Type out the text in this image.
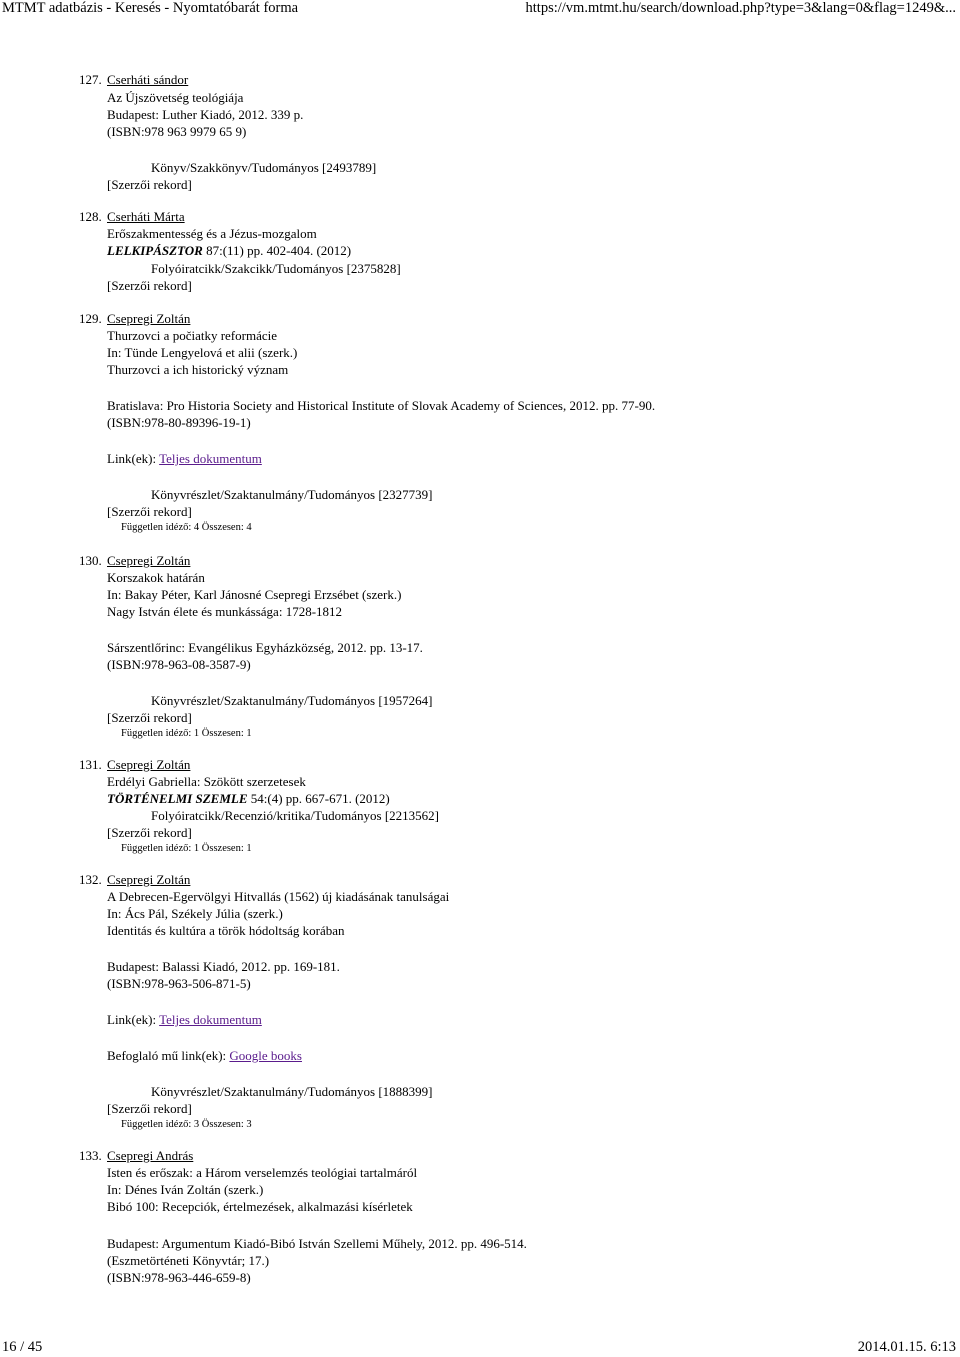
MTMT adatbázis - Keresés - Nyomtatóbarát forma	https://vm.mtmt.hu/search/download.php?type=3&lang=0&flag=1249&...
127. Cserháti sándor
Az Újszövetség teológiája
Budapest: Luther Kiadó, 2012. 339 p.
(ISBN:978 963 9979 65 9)
Könyv/Szakkönyv/Tudományos [2493789]
[Szerzői rekord]
128. Cserháti Márta
Erőszakmentesség és a Jézus-mozgalom
LELKIPÁSZTOR 87:(11) pp. 402-404. (2012)
Folyóiratcikk/Szakcikk/Tudományos [2375828]
[Szerzői rekord]
129. Csepregi Zoltán
Thurzovci a počiatky reformácie
In: Tünde Lengyelová et alii (szerk.)
Thurzovci a ich historický význam
Bratislava: Pro Historia Society and Historical Institute of Slovak Academy of Sciences, 2012. pp. 77-90.
(ISBN:978-80-89396-19-1)
Link(ek): Teljes dokumentum
Könyvrészlet/Szaktanulmány/Tudományos [2327739]
[Szerzői rekord]
Független idéző: 4 Összesen: 4
130. Csepregi Zoltán
Korszakok határán
In: Bakay Péter, Karl Jánosné Csepregi Erzsébet (szerk.)
Nagy István élete és munkássága: 1728-1812
Sárszentlőrinc: Evangélikus Egyházközség, 2012. pp. 13-17.
(ISBN:978-963-08-3587-9)
Könyvrészlet/Szaktanulmány/Tudományos [1957264]
[Szerzői rekord]
Független idéző: 1 Összesen: 1
131. Csepregi Zoltán
Erdélyi Gabriella: Szökött szerzetesek
TÖRTÉNELMI SZEMLE 54:(4) pp. 667-671. (2012)
Folyóiratcikk/Recenzió/kritika/Tudományos [2213562]
[Szerzői rekord]
Független idéző: 1 Összesen: 1
132. Csepregi Zoltán
A Debrecen-Egervölgyi Hitvallás (1562) új kiadásának tanulságai
In: Ács Pál, Székely Júlia (szerk.)
Identitás és kultúra a török hódoltság korában
Budapest: Balassi Kiadó, 2012. pp. 169-181.
(ISBN:978-963-506-871-5)
Link(ek): Teljes dokumentum
Befoglaló mű link(ek): Google books
Könyvrészlet/Szaktanulmány/Tudományos [1888399]
[Szerzői rekord]
Független idéző: 3 Összesen: 3
133. Csepregi András
Isten és erőszak: a Három verselemzés teológiai tartalmáról
In: Dénes Iván Zoltán (szerk.)
Bibó 100: Recepciók, értelmezések, alkalmazási kísérletek
Budapest: Argumentum Kiadó-Bibó István Szellemi Műhely, 2012. pp. 496-514.
(Eszmetörténeti Könyvtár; 17.)
(ISBN:978-963-446-659-8)
16 / 45	2014.01.15. 6:13
